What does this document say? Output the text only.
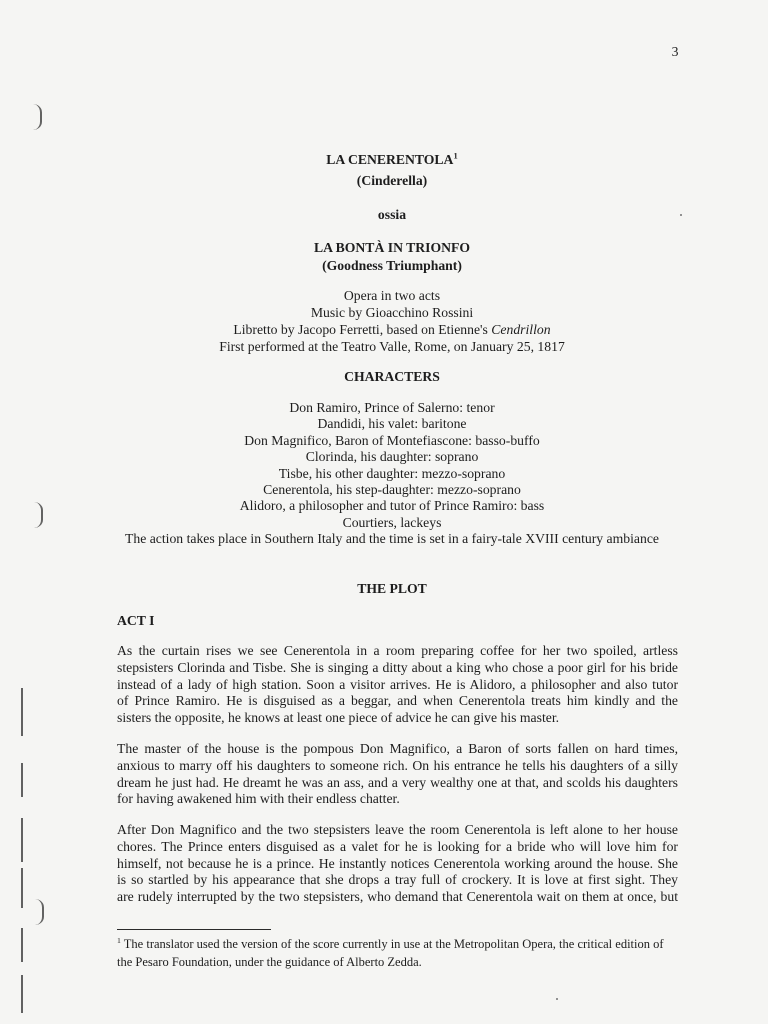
3
LA CENERENTOLA$^1$
(Cinderella)
ossia
LA BONTÀ IN TRIONFO
(Goodness Triumphant)
Opera in two acts
Music by Gioacchino Rossini
Libretto by Jacopo Ferretti, based on Etienne's Cendrillon
First performed at the Teatro Valle, Rome, on January 25, 1817
CHARACTERS
Don Ramiro, Prince of Salerno: tenor
Dandidi, his valet: baritone
Don Magnifico, Baron of Montefiascone: basso-buffo
Clorinda, his daughter: soprano
Tisbe, his other daughter: mezzo-soprano
Cenerentola, his step-daughter: mezzo-soprano
Alidoro, a philosopher and tutor of Prince Ramiro: bass
Courtiers, lackeys
The action takes place in Southern Italy and the time is set in a fairy-tale XVIII century ambiance
THE PLOT
ACT I
As the curtain rises we see Cenerentola in a room preparing coffee for her two spoiled, artless
stepsisters Clorinda and Tisbe. She is singing a ditty about a king who chose a poor girl for his bride
instead of a lady of high station. Soon a visitor arrives. He is Alidoro, a philosopher and also tutor
of Prince Ramiro. He is disguised as a beggar, and when Cenerentola treats him kindly and the
sisters the opposite, he knows at least one piece of advice he can give his master.
The master of the house is the pompous Don Magnifico, a Baron of sorts fallen on hard times,
anxious to marry off his daughters to someone rich. On his entrance he tells his daughters of a silly
dream he just had. He dreamt he was an ass, and a very wealthy one at that, and scolds his daughters
for having awakened him with their endless chatter.
After Don Magnifico and the two stepsisters leave the room Cenerentola is left alone to her house
chores. The Prince enters disguised as a valet for he is looking for a bride who will love him for
himself, not because he is a prince. He instantly notices Cenerentola working around the house. She
is so startled by his appearance that she drops a tray full of crockery. It is love at first sight. They
are rudely interrupted by the two stepsisters, who demand that Cenerentola wait on them at once, but
$^1$ The translator used the version of the score currently in use at the Metropolitan Opera, the critical edition of
the Pesaro Foundation, under the guidance of Alberto Zedda.
